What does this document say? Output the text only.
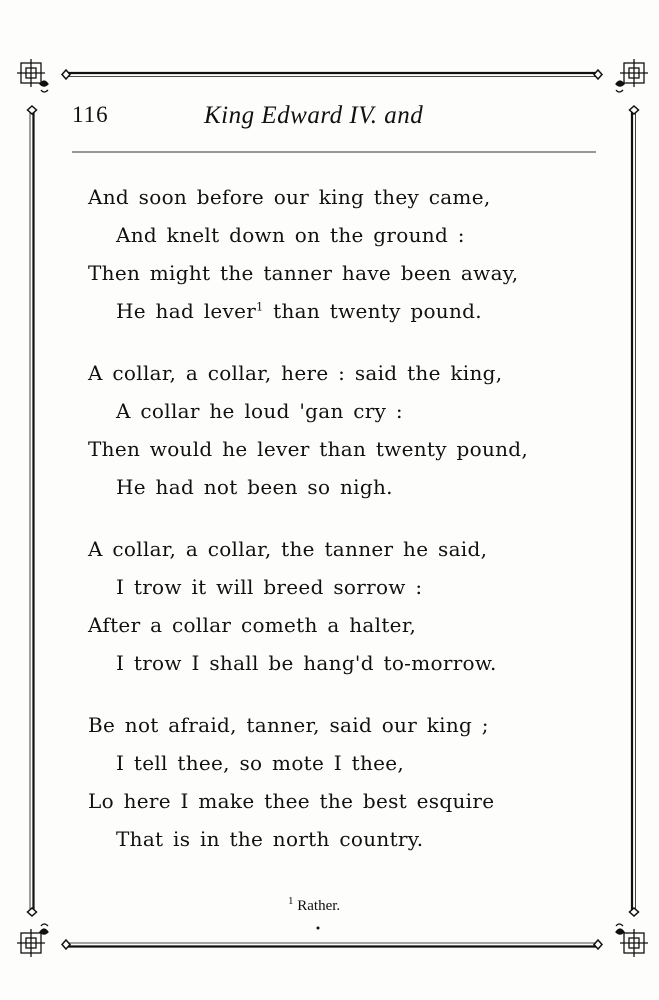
116	King Edward IV. and
And soon before our king they came,
And knelt down on the ground :
Then might the tanner have been away,
He had lever$^1$ than twenty pound.
A collar, a collar, here : said the king,
A collar he loud 'gan cry :
Then would he lever than twenty pound,
He had not been so nigh.
A collar, a collar, the tanner he said,
I trow it will breed sorrow :
After a collar cometh a halter,
I trow I shall be hang'd to-morrow.
Be not afraid, tanner, said our king ;
I tell thee, so mote I thee,
Lo here I make thee the best esquire
That is in the north country.
$^1$ Rather.
